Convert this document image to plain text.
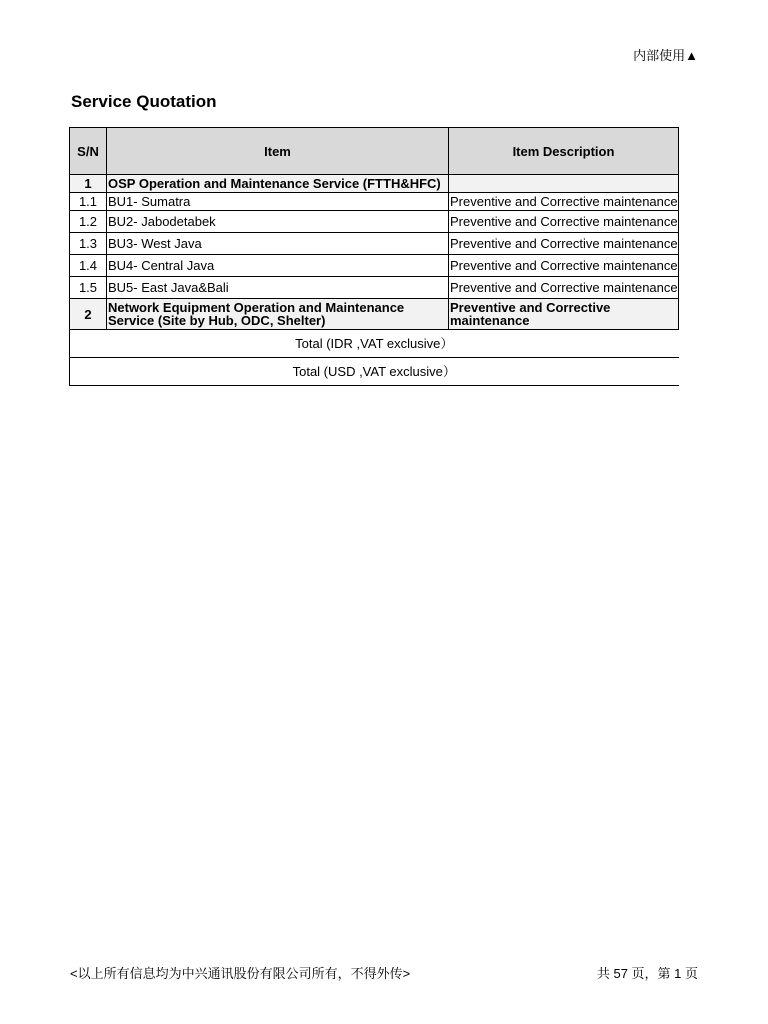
内部使用▲
Service Quotation
S/N	Item	Item Description
1	OSP Operation and Maintenance Service (FTTH&HFC)	
1.1	BU1- Sumatra	Preventive and Corrective maintenance
1.2	BU2- Jabodetabek	Preventive and Corrective maintenance
1.3	BU3- West Java	Preventive and Corrective maintenance
1.4	BU4- Central Java	Preventive and Corrective maintenance
1.5	BU5- East Java&Bali	Preventive and Corrective maintenance
2	Network Equipment Operation and Maintenance Service (Site by Hub, ODC, Shelter)	Preventive and Corrective maintenance
Total (IDR ,VAT exclusive）		
Total (USD ,VAT exclusive）		
<以上所有信息均为中兴通讯股份有限公司所有，不得外传>	共 57 页，第 1 页
